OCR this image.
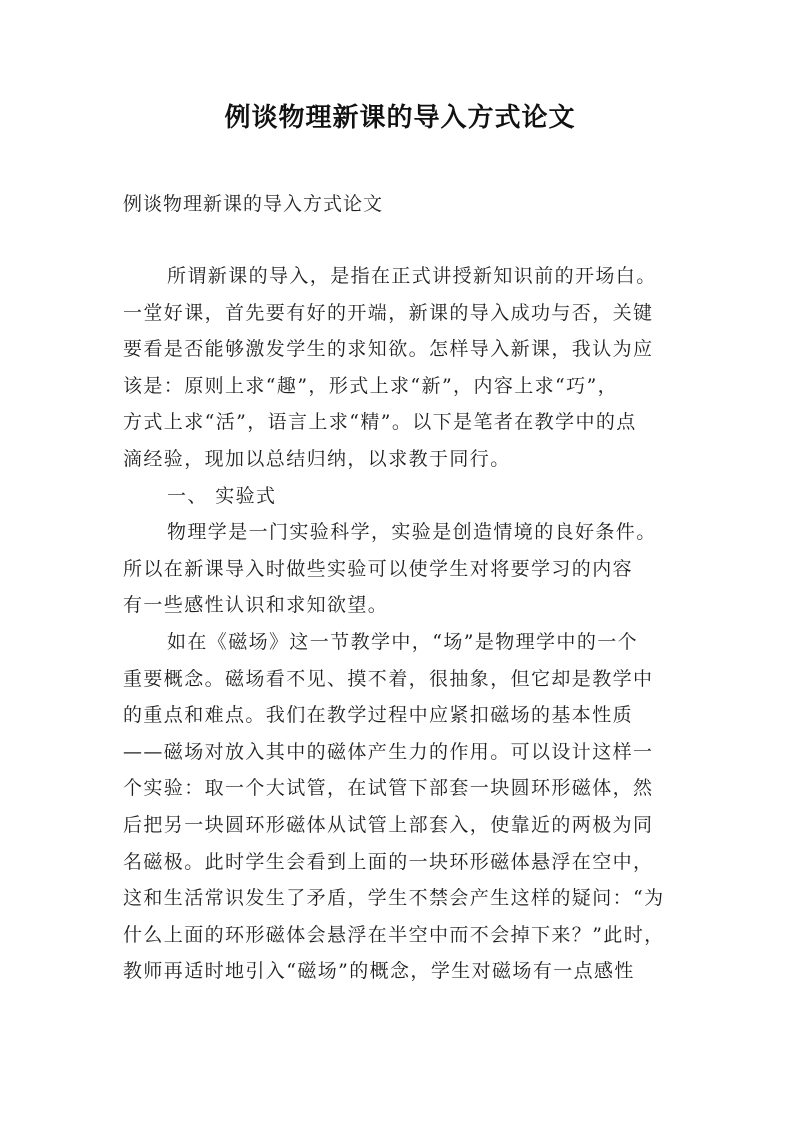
例谈物理新课的导入方式论文
例谈物理新课的导入方式论文
所谓新课的导入，是指在正式讲授新知识前的开场白。
一堂好课，首先要有好的开端，新课的导入成功与否，关键
要看是否能够激发学生的求知欲。怎样导入新课，我认为应
该是：原则上求“趣”，形式上求“新”，内容上求“巧”，
方式上求“活”，语言上求“精”。以下是笔者在教学中的点
滴经验，现加以总结归纳，以求教于同行。
一、 实验式
物理学是一门实验科学，实验是创造情境的良好条件。
所以在新课导入时做些实验可以使学生对将要学习的内容
有一些感性认识和求知欲望。
如在《磁场》这一节教学中，“场”是物理学中的一个
重要概念。磁场看不见、摸不着，很抽象，但它却是教学中
的重点和难点。我们在教学过程中应紧扣磁场的基本性质
——磁场对放入其中的磁体产生力的作用。可以设计这样一
个实验：取一个大试管，在试管下部套一块圆环形磁体，然
后把另一块圆环形磁体从试管上部套入，使靠近的两极为同
名磁极。此时学生会看到上面的一块环形磁体悬浮在空中，
这和生活常识发生了矛盾，学生不禁会产生这样的疑问：“为
什么上面的环形磁体会悬浮在半空中而不会掉下来？”此时，
教师再适时地引入“磁场”的概念，学生对磁场有一点感性
